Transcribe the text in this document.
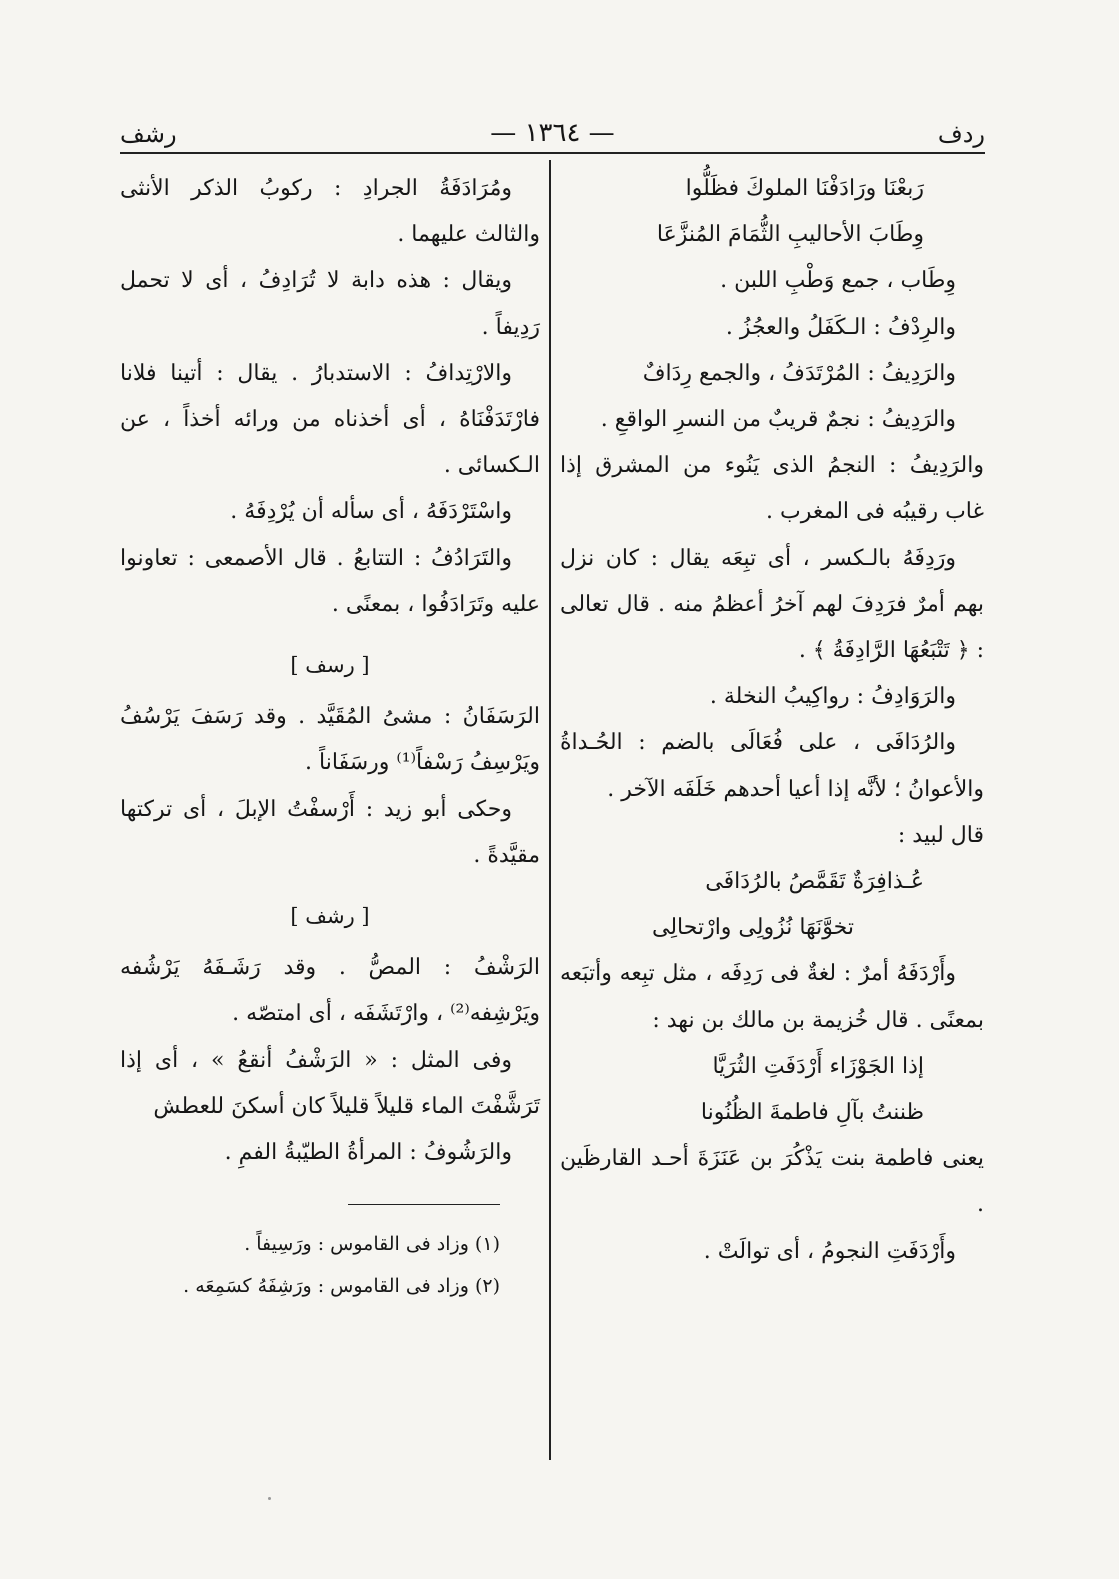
ردف
— ١٣٦٤ —
رشف

رَبعْنَا ورَادَفْنَا الملوكَ فظَلُّوا

وِطَابَ الأحاليبِ الثُّمَامَ المُنزَّعَا

وِطَاب ، جمع وَطْبِ اللبن .

والرِدْفُ : الـكَفَلُ والعجُزُ .

والرَدِيفُ : المُرْتَدَفُ ، والجمع رِدَافٌ

والرَدِيفُ : نجمٌ قريبٌ من النسرِ الواقعِ .

والرَدِيفُ : النجمُ الذى يَنُوء من المشرق إذا غاب رقيبُه فى المغرب .

ورَدِفَهُ بالـكسر ، أى تبِعَه يقال : كان نزل بهم أمرٌ فرَدِفَ لهم آخرُ أعظمُ منه . قال تعالى : ﴿ تَتْبَعُهَا الرَّادِفَةُ ﴾ .

والرَوَادِفُ : رواكِيبُ النخلة .

والرُدَافَى ، على فُعَالَى بالضم : الحُـداةُ والأعوانُ ؛ لأنَّه إذا أعيا أحدهم خَلَفَه الآخر .

قال لبيد :

عُـذافِرَةٌ تَقَمَّصُ بالرُدَافَى

تخوَّنَهَا نُزُولِى وارْتحالِى

وأَرْدَفَهُ أمرٌ : لغةٌ فى رَدِفَه ، مثل تبِعه وأتبَعه بمعنًى . قال خُزيمة بن مالك بن نهد :

إذا الجَوْزَاء أَرْدَفَتِ الثُرَيَّا

ظننتُ بآلِ فاطمةَ الظُنُونا

يعنى فاطمة بنت يَذْكُرَ بن عَنَزَةَ أحـد القارظَين .

وأَرْدَفَتِ النجومُ ، أى توالَتْ .

ومُرَادَفَةُ الجرادِ : ركوبُ الذكر الأنثى والثالث عليهما .

ويقال : هذه دابة لا تُرَادِفُ ، أى لا تحمل رَدِيفاً .

والارْتِدافُ : الاستدبارُ . يقال : أتينا فلانا فارْتَدَفْنَاهُ ، أى أخذناه من ورائه أخذاً ، عن الـكسائى .

واسْتَرْدَفَهُ ، أى سأله أن يُرْدِفَهُ .

والتَرَادُفُ : التتابعُ . قال الأصمعى : تعاونوا عليه وتَرَادَفُوا ، بمعنًى .

[ رسف ]

الرَسَفَانُ : مشىُ المُقَيَّد . وقد رَسَفَ يَرْسُفُ ويَرْسِفُ رَسْفاً⁽¹⁾ ورسَفَاناً .

وحكى أبو زيد : أَرْسفْتُ الإبلَ ، أى تركتها مقيَّدةً .

[ رشف ]

الرَشْفُ : المصُّ . وقد رَشَـفَهُ يَرْشُفه ويَرْشِفه⁽²⁾ ، وارْتَشَفَه ، أى امتصّه .

وفى المثل : « الرَشْفُ أنقعُ » ، أى إذا تَرَشَّفْتَ الماء قليلاً قليلاً كان أسكنَ للعطش

والرَشُوفُ : المرأةُ الطيّبةُ الفمِ .

(١) وزاد فى القاموس : ورَسِيفاً .

(٢) وزاد فى القاموس : ورَشِفَهُ كسَمِعَه .
